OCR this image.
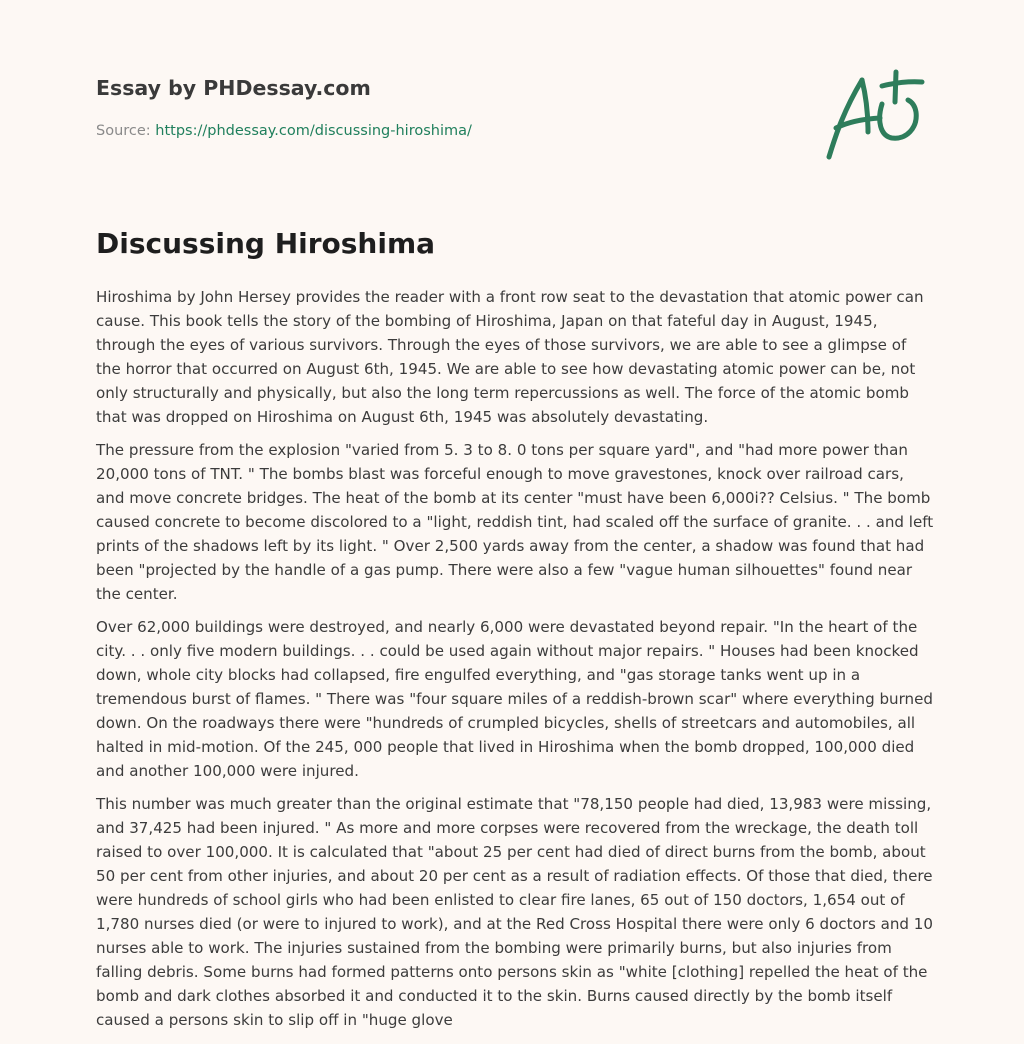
Essay by PHDessay.com
Source: https://phdessay.com/discussing-hiroshima/
Discussing Hiroshima

Hiroshima by John Hersey provides the reader with a front row seat to the devastation that atomic power can cause. This book tells the story of the bombing of Hiroshima, Japan on that fateful day in August, 1945, through the eyes of various survivors. Through the eyes of those survivors, we are able to see a glimpse of the horror that occurred on August 6th, 1945. We are able to see how devastating atomic power can be, not only structurally and physically, but also the long term repercussions as well. The force of the atomic bomb that was dropped on Hiroshima on August 6th, 1945 was absolutely devastating.

The pressure from the explosion "varied from 5. 3 to 8. 0 tons per square yard", and "had more power than 20,000 tons of TNT. " The bombs blast was forceful enough to move gravestones, knock over railroad cars, and move concrete bridges. The heat of the bomb at its center "must have been 6,000i?? Celsius. " The bomb caused concrete to become discolored to a "light, reddish tint, had scaled off the surface of granite. . . and left prints of the shadows left by its light. " Over 2,500 yards away from the center, a shadow was found that had been "projected by the handle of a gas pump. There were also a few "vague human silhouettes" found near the center.

Over 62,000 buildings were destroyed, and nearly 6,000 were devastated beyond repair. "In the heart of the city. . . only five modern buildings. . . could be used again without major repairs. " Houses had been knocked down, whole city blocks had collapsed, fire engulfed everything, and "gas storage tanks went up in a tremendous burst of flames. " There was "four square miles of a reddish-brown scar" where everything burned down. On the roadways there were "hundreds of crumpled bicycles, shells of streetcars and automobiles, all halted in mid-motion. Of the 245, 000 people that lived in Hiroshima when the bomb dropped, 100,000 died and another 100,000 were injured.

This number was much greater than the original estimate that "78,150 people had died, 13,983 were missing, and 37,425 had been injured. " As more and more corpses were recovered from the wreckage, the death toll raised to over 100,000. It is calculated that "about 25 per cent had died of direct burns from the bomb, about 50 per cent from other injuries, and about 20 per cent as a result of radiation effects. Of those that died, there were hundreds of school girls who had been enlisted to clear fire lanes, 65 out of 150 doctors, 1,654 out of 1,780 nurses died (or were to injured to work), and at the Red Cross Hospital there were only 6 doctors and 10 nurses able to work. The injuries sustained from the bombing were primarily burns, but also injuries from falling debris. Some burns had formed patterns onto persons skin as "white [clothing] repelled the heat of the bomb and dark clothes absorbed it and conducted it to the skin. Burns caused directly by the bomb itself caused a persons skin to slip off in "huge glove
